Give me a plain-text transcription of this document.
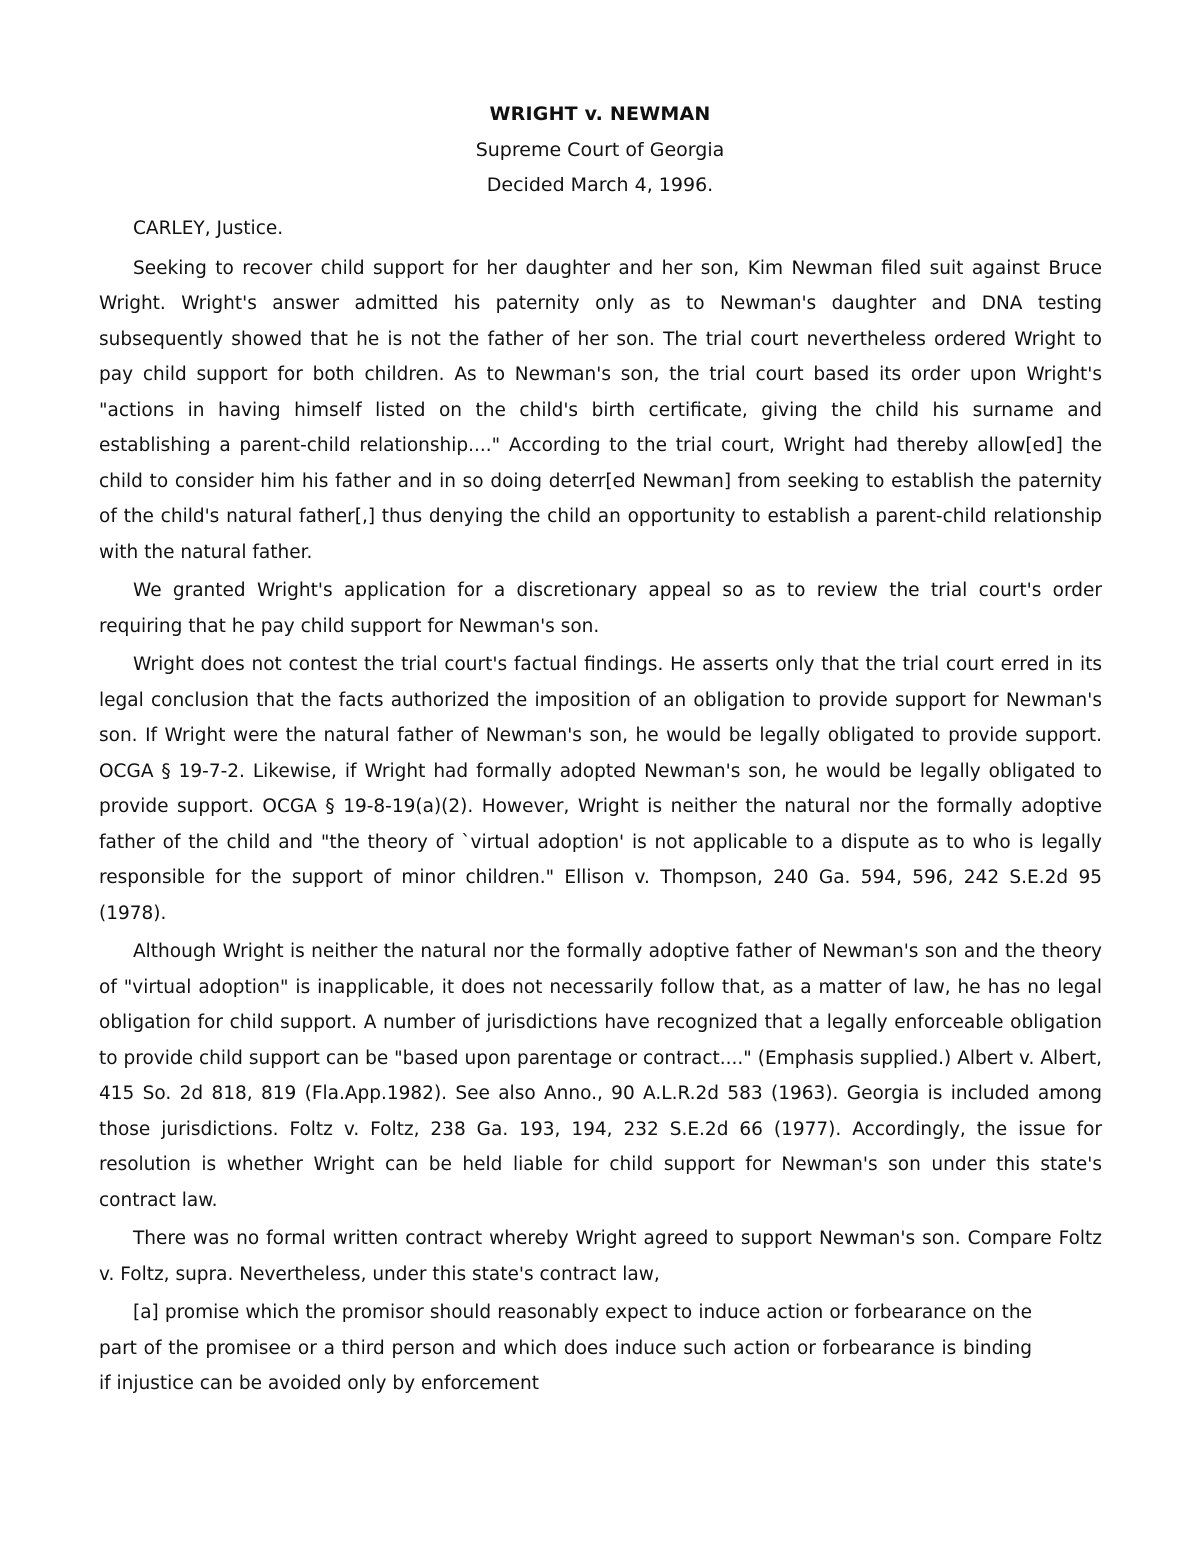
WRIGHT v. NEWMAN
Supreme Court of Georgia
Decided March 4, 1996.

CARLEY, Justice.

Seeking to recover child support for her daughter and her son, Kim Newman filed suit against Bruce Wright. Wright's answer admitted his paternity only as to Newman's daughter and DNA testing subsequently showed that he is not the father of her son. The trial court nevertheless ordered Wright to pay child support for both children. As to Newman's son, the trial court based its order upon Wright's "actions in having himself listed on the child's birth certificate, giving the child his surname and establishing a parent-child relationship...." According to the trial court, Wright had thereby allow[ed] the child to consider him his father and in so doing deterr[ed Newman] from seeking to establish the paternity of the child's natural father[,] thus denying the child an opportunity to establish a parent-child relationship with the natural father.

We granted Wright's application for a discretionary appeal so as to review the trial court's order requiring that he pay child support for Newman's son.

Wright does not contest the trial court's factual findings. He asserts only that the trial court erred in its legal conclusion that the facts authorized the imposition of an obligation to provide support for Newman's son. If Wright were the natural father of Newman's son, he would be legally obligated to provide support. OCGA § 19-7-2. Likewise, if Wright had formally adopted Newman's son, he would be legally obligated to provide support. OCGA § 19-8-19(a)(2). However, Wright is neither the natural nor the formally adoptive father of the child and "the theory of `virtual adoption' is not applicable to a dispute as to who is legally responsible for the support of minor children." Ellison v. Thompson, 240 Ga. 594, 596, 242 S.E.2d 95 (1978).

Although Wright is neither the natural nor the formally adoptive father of Newman's son and the theory of "virtual adoption" is inapplicable, it does not necessarily follow that, as a matter of law, he has no legal obligation for child support. A number of jurisdictions have recognized that a legally enforceable obligation to provide child support can be "based upon parentage or contract...." (Emphasis supplied.) Albert v. Albert, 415 So. 2d 818, 819 (Fla.App.1982). See also Anno., 90 A.L.R.2d 583 (1963). Georgia is included among those jurisdictions. Foltz v. Foltz, 238 Ga. 193, 194, 232 S.E.2d 66 (1977). Accordingly, the issue for resolution is whether Wright can be held liable for child support for Newman's son under this state's contract law.

There was no formal written contract whereby Wright agreed to support Newman's son. Compare Foltz v. Foltz, supra. Nevertheless, under this state's contract law,

[a] promise which the promisor should reasonably expect to induce action or forbearance on the part of the promisee or a third person and which does induce such action or forbearance is binding if injustice can be avoided only by enforcement
